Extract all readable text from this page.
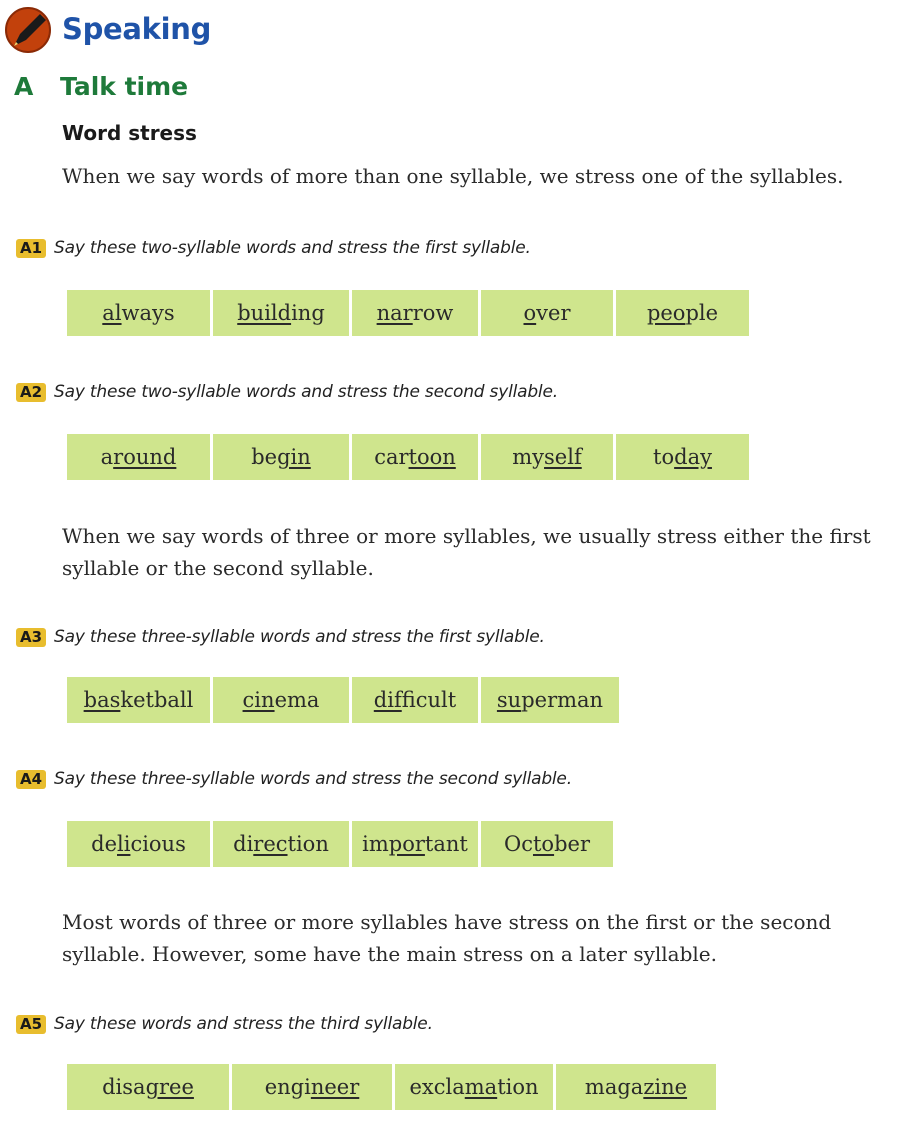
Speaking
A Talk time
Word stress
When we say words of more than one syllable, we stress one of the syllables.
A1 Say these two-syllable words and stress the first syllable.
al ways	build ing nar row	o ver	peo ple
A2 Say these two-syllable words and stress the second syllable.
a round	be gin	car toon	my self	to day
When we say words of three or more syllables, we usually stress either the first syllable or the second syllable.
A3 Say these three-syllable words and stress the first syllable.
bas ketball cin ema	dif ficult su perman
A4 Say these three-syllable words and stress the second syllable.
de li cious di rec tion im por tant Oc to ber
Most words of three or more syllables have stress on the first or the second syllable. However, some have the main stress on a later syllable.
A5 Say these words and stress the third syllable.
disa gree	engi neer excla ma tion maga zine
